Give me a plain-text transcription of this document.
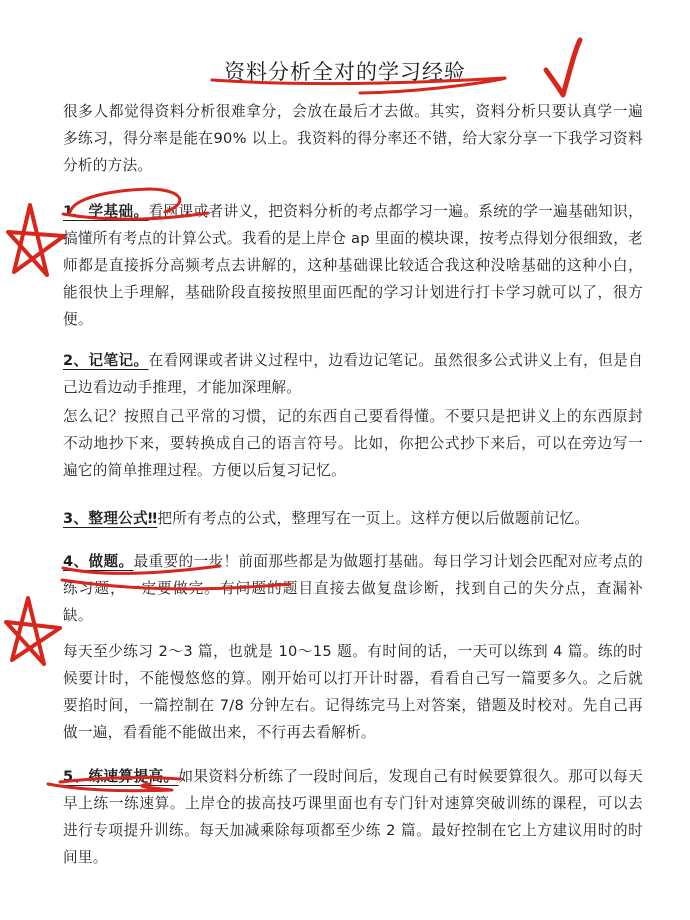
资料分析全对的学习经验

很多人都觉得资料分析很难拿分，会放在最后才去做。其实，资料分析只要认真学一遍多练习，得分率是能在90% 以上。我资料的得分率还不错，给大家分享一下我学习资料分析的方法。

1、学基础。看网课或者讲义，把资料分析的考点都学习一遍。系统的学一遍基础知识，搞懂所有考点的计算公式。我看的是上岸仓 ap 里面的模块课，按考点得划分很细致，老师都是直接拆分高频考点去讲解的，这种基础课比较适合我这种没啥基础的这种小白，能很快上手理解，基础阶段直接按照里面匹配的学习计划进行打卡学习就可以了，很方便。

2、记笔记。在看网课或者讲义过程中，边看边记笔记。虽然很多公式讲义上有，但是自己边看边动手推理，才能加深理解。

怎么记？按照自己平常的习惯，记的东西自己要看得懂。不要只是把讲义上的东西原封不动地抄下来，要转换成自己的语言符号。比如，你把公式抄下来后，可以在旁边写一遍它的简单推理过程。方便以后复习记忆。

3、整理公式‼把所有考点的公式，整理写在一页上。这样方便以后做题前记忆。

4、做题。最重要的一步！前面那些都是为做题打基础。每日学习计划会匹配对应考点的练习题，一定要做完。有问题的题目直接去做复盘诊断，找到自己的失分点，查漏补缺。

每天至少练习 2～3 篇，也就是 10～15 题。有时间的话，一天可以练到 4 篇。练的时候要计时，不能慢悠悠的算。刚开始可以打开计时器，看看自己写一篇要多久。之后就要掐时间，一篇控制在 7/8 分钟左右。记得练完马上对答案，错题及时校对。先自己再做一遍，看看能不能做出来，不行再去看解析。

5、练速算提高。如果资料分析练了一段时间后，发现自己有时候要算很久。那可以每天早上练一练速算。上岸仓的拔高技巧课里面也有专门针对速算突破训练的课程，可以去进行专项提升训练。每天加减乘除每项都至少练 2 篇。最好控制在它上方建议用时的时间里。
